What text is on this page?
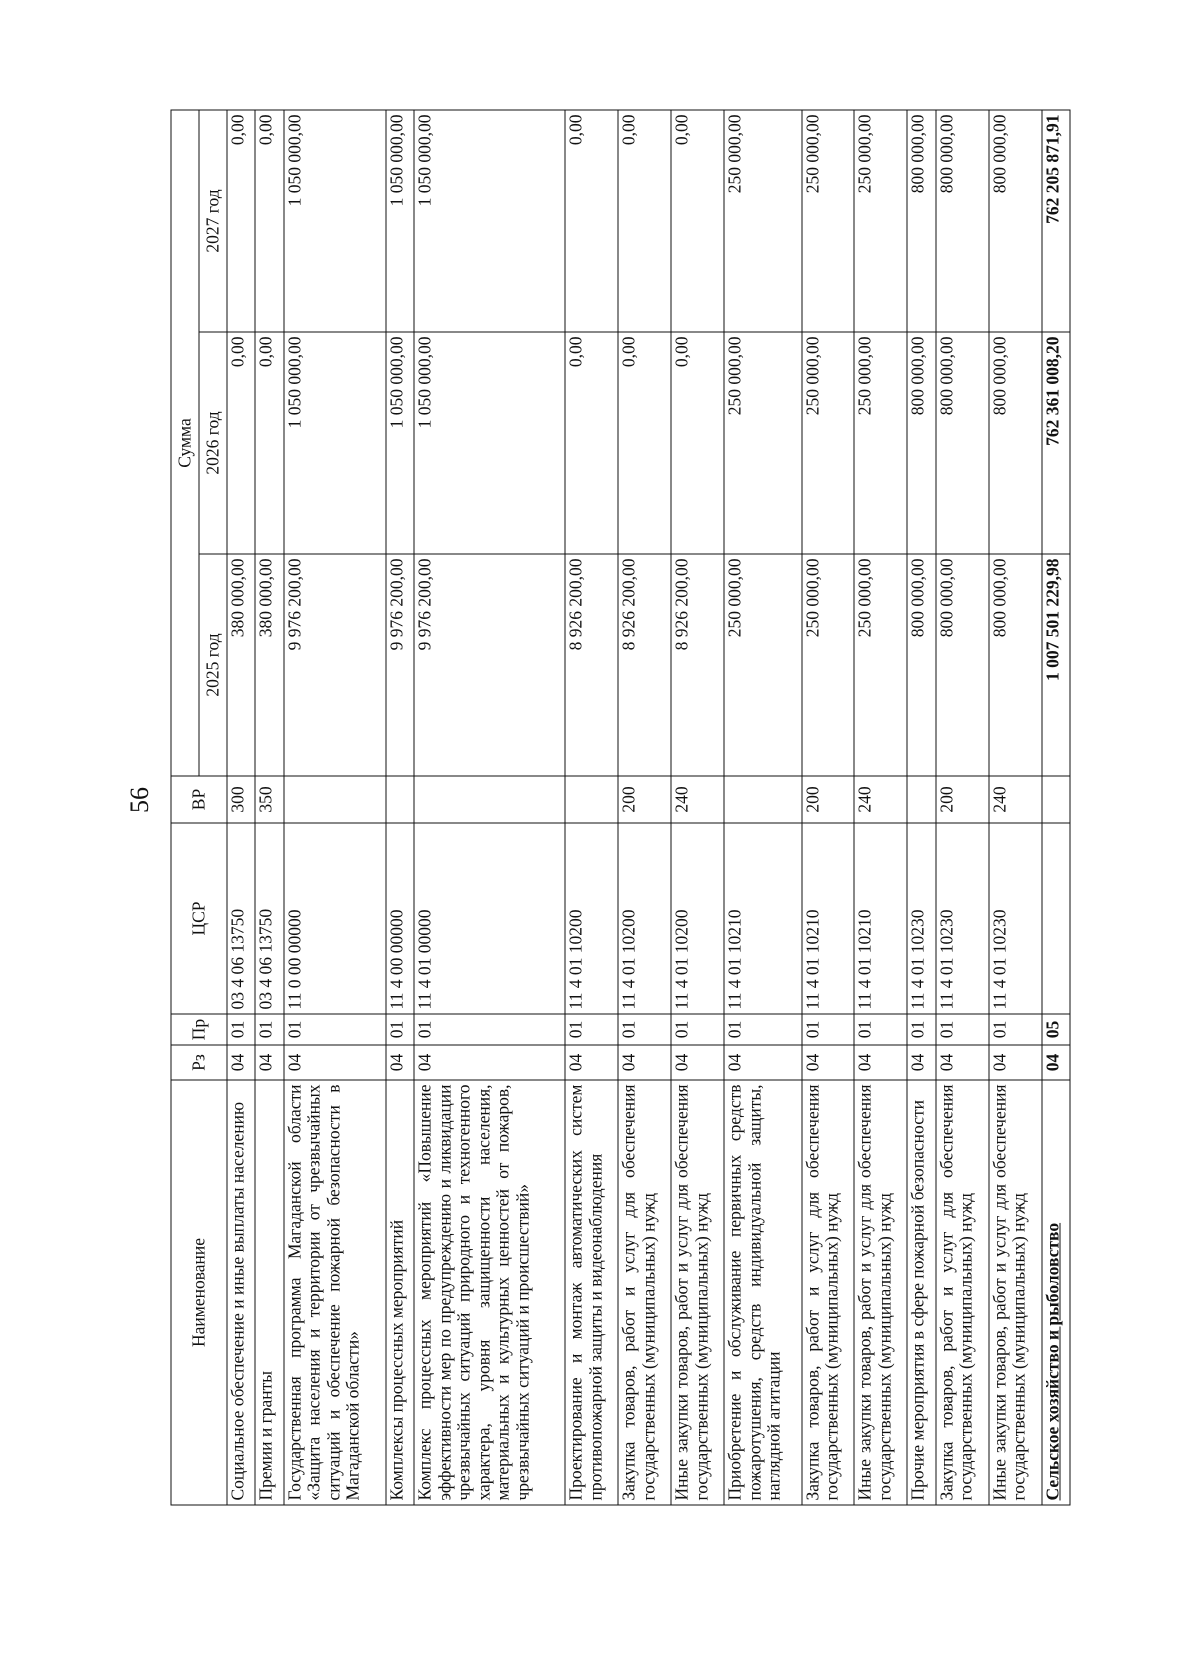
56
Наименование	Рз	Пр	ЦСР	ВР	Сумма		
					2025 год	2026 год	2027 год
Социальное обеспечение и иные выплаты населению	04	01	03 4 06 13750	300	380 000,00	0,00	0,00
Премии и гранты	04	01	03 4 06 13750	350	380 000,00	0,00	0,00
Государственная программа Магаданской области «Защита населения и территории от чрезвычайных ситуаций и обеспечение пожарной безопасности в Магаданской области»	04	01	11 0 00 00000		9 976 200,00	1 050 000,00	1 050 000,00
Комплексы процессных мероприятий	04	01	11 4 00 00000		9 976 200,00	1 050 000,00	1 050 000,00
Комплекс процессных мероприятий «Повышение эффективности мер по предупреждению и ликвидации чрезвычайных ситуаций природного и техногенного характера, уровня защищенности населения, материальных и культурных ценностей от пожаров, чрезвычайных ситуаций и происшествий»	04	01	11 4 01 00000		9 976 200,00	1 050 000,00	1 050 000,00
Проектирование и монтаж автоматических систем противопожарной защиты и видеонаблюдения	04	01	11 4 01 10200		8 926 200,00	0,00	0,00
Закупка товаров, работ и услуг для обеспечения государственных (муниципальных) нужд	04	01	11 4 01 10200	200	8 926 200,00	0,00	0,00
Иные закупки товаров, работ и услуг для обеспечения государственных (муниципальных) нужд	04	01	11 4 01 10200	240	8 926 200,00	0,00	0,00
Приобретение и обслуживание первичных средств пожаротушения, средств индивидуальной защиты, наглядной агитации	04	01	11 4 01 10210		250 000,00	250 000,00	250 000,00
Закупка товаров, работ и услуг для обеспечения государственных (муниципальных) нужд	04	01	11 4 01 10210	200	250 000,00	250 000,00	250 000,00
Иные закупки товаров, работ и услуг для обеспечения государственных (муниципальных) нужд	04	01	11 4 01 10210	240	250 000,00	250 000,00	250 000,00
Прочие мероприятия в сфере пожарной безопасности	04	01	11 4 01 10230		800 000,00	800 000,00	800 000,00
Закупка товаров, работ и услуг для обеспечения государственных (муниципальных) нужд	04	01	11 4 01 10230	200	800 000,00	800 000,00	800 000,00
Иные закупки товаров, работ и услуг для обеспечения государственных (муниципальных) нужд	04	01	11 4 01 10230	240	800 000,00	800 000,00	800 000,00
Сельское хозяйство и рыболовство	04	05			1 007 501 229,98	762 361 008,20	762 205 871,91
